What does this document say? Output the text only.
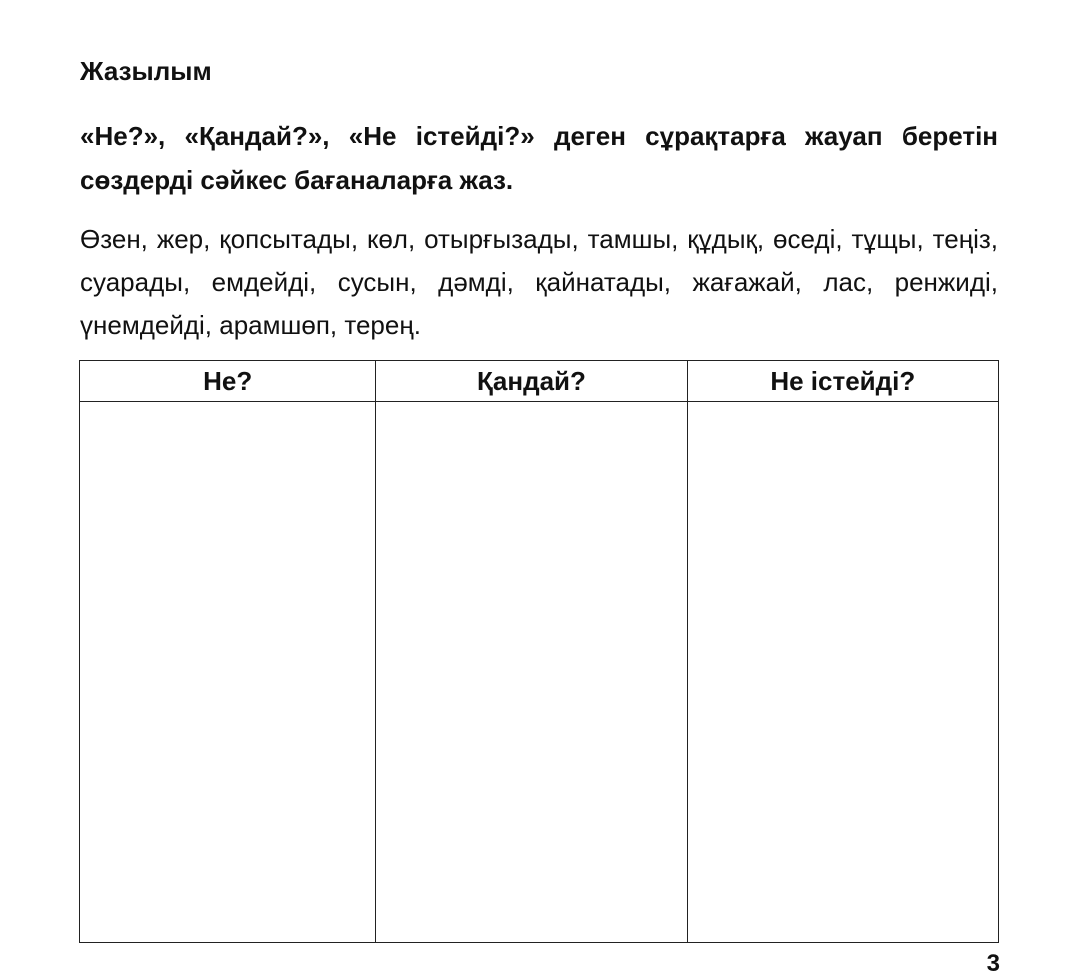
Жазылым

«Не?», «Қандай?», «Не істейді?» деген сұрақтарға жауап беретін сөздерді сәйкес бағаналарға жаз.

Өзен, жер, қопсытады, көл, отырғызады, тамшы, құдық, өседі, тұщы, теңіз, суарады, емдейді, сусын, дәмді, қайнатады, жағажай, лас, ренжиді, үнемдейді, арамшөп, терең.

Не?	Қандай?	Не істейді?

3
